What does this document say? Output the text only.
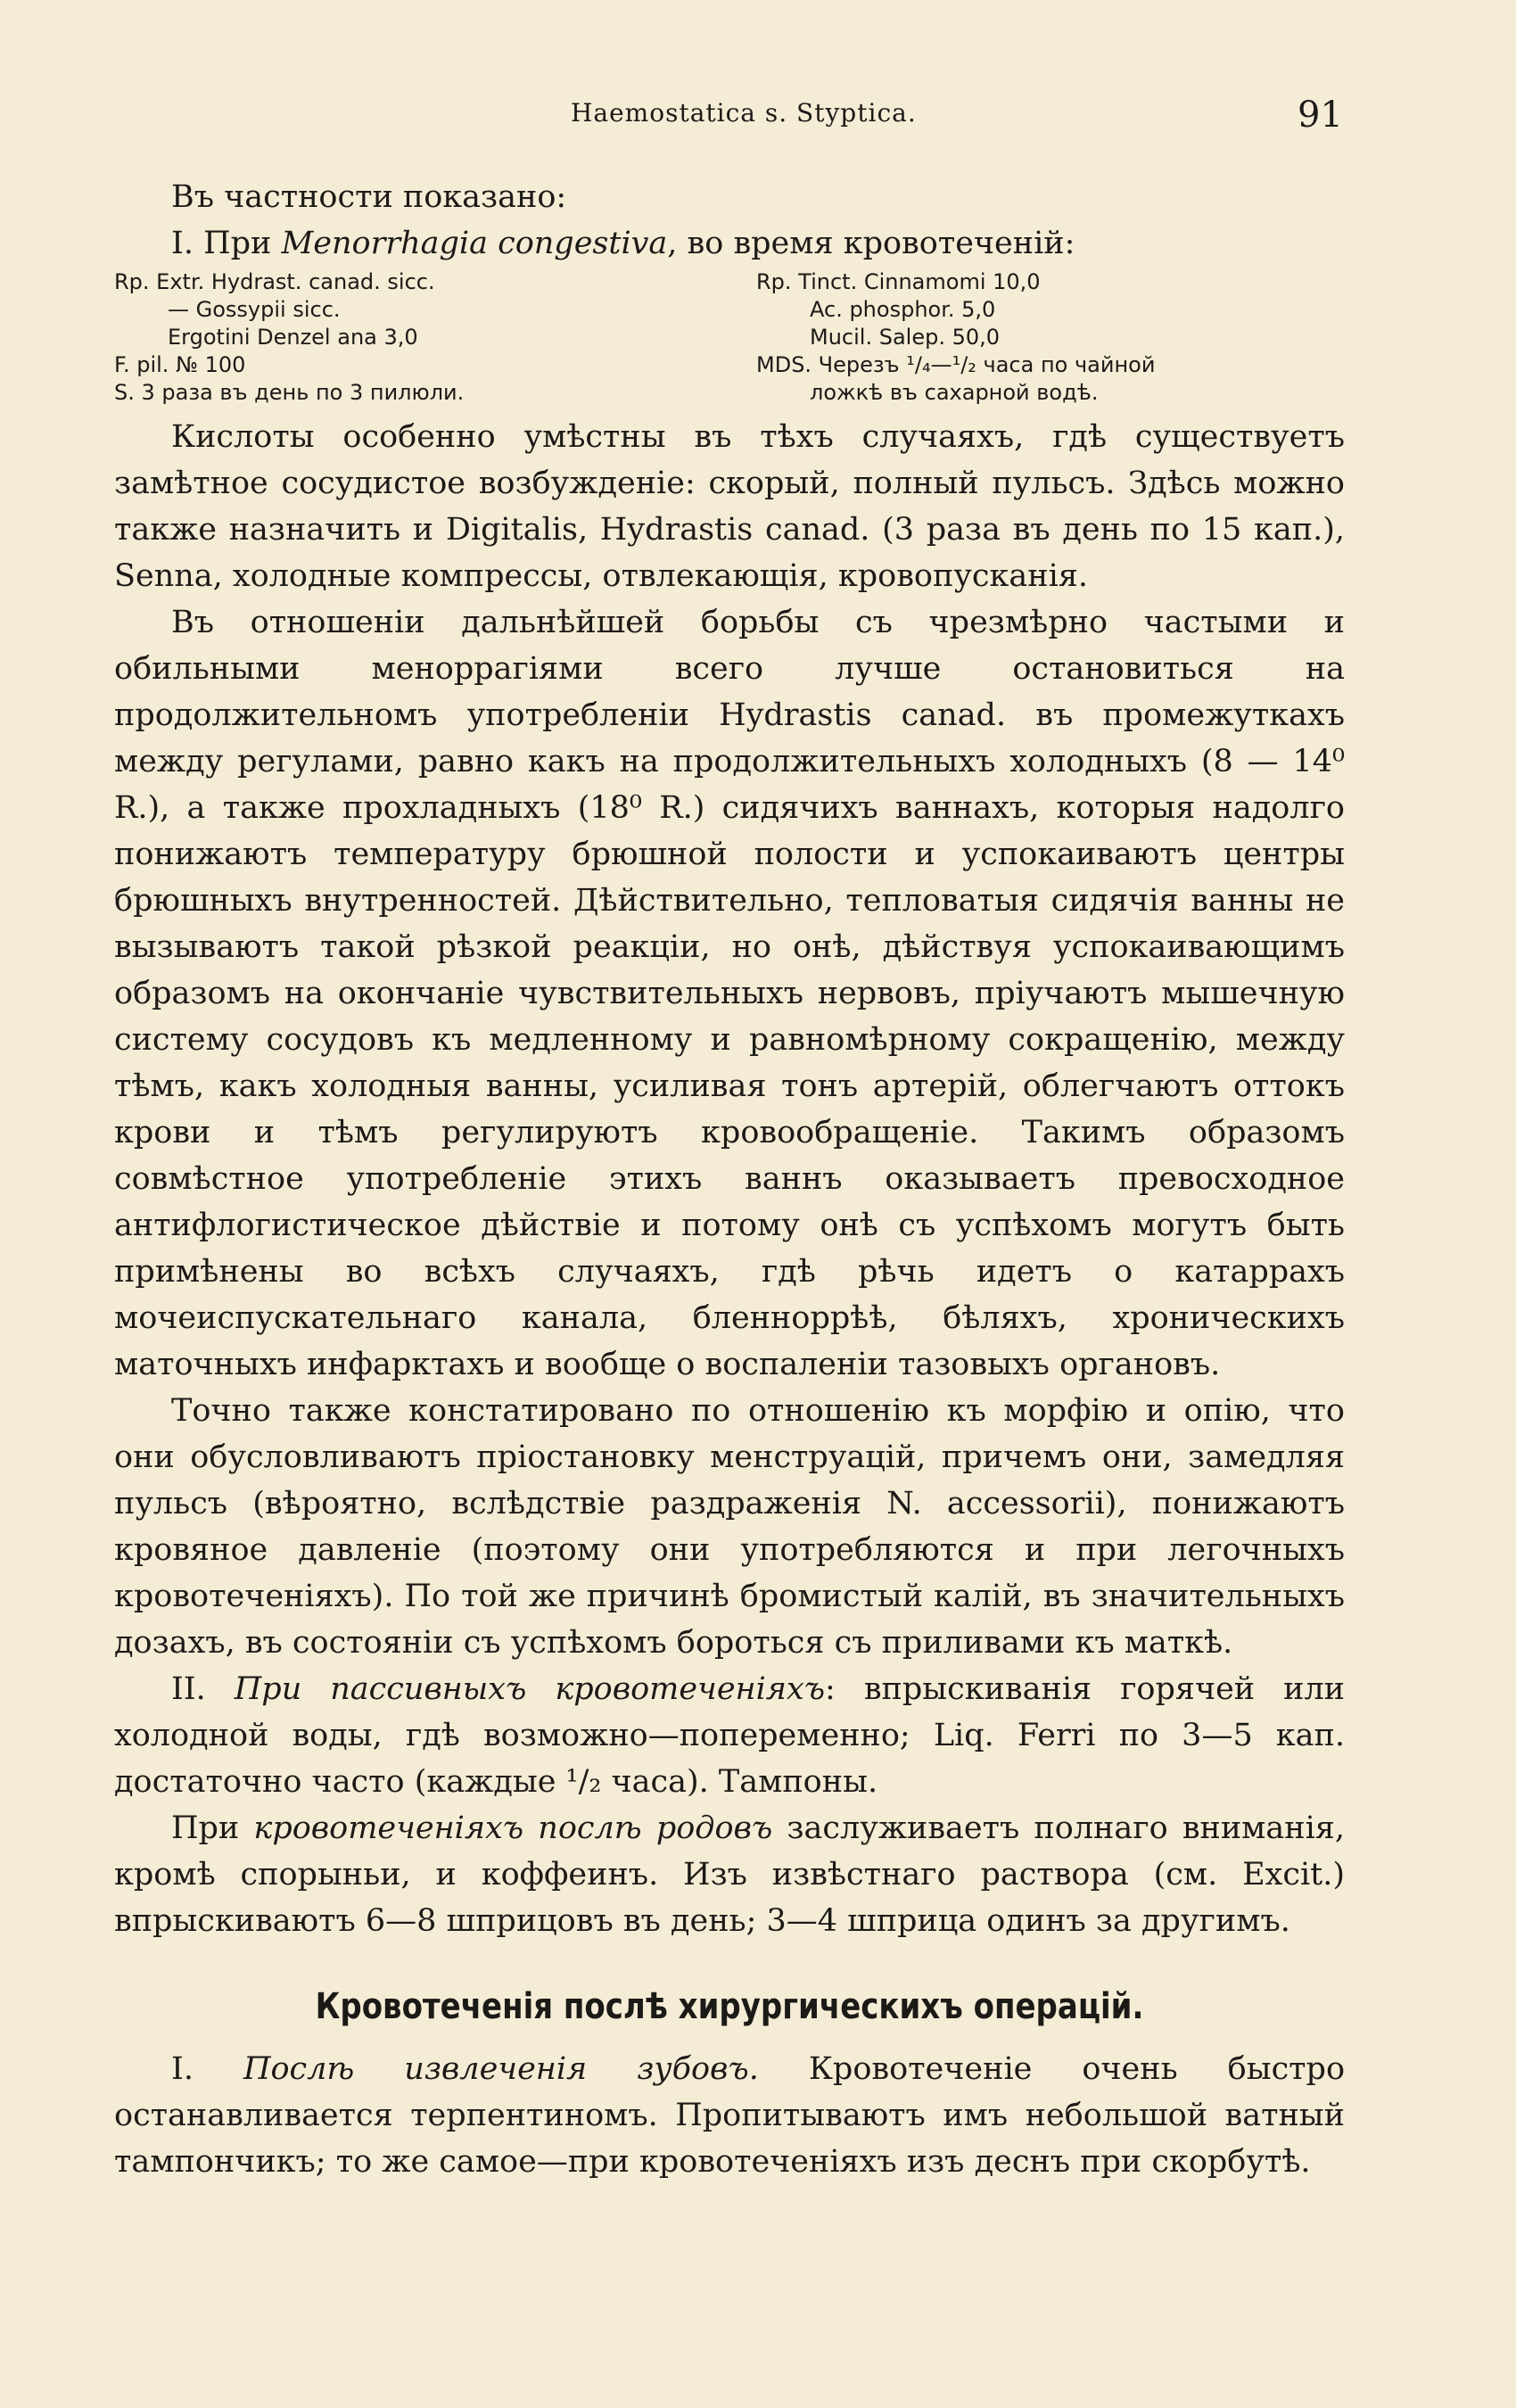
Haemostatica s. Styptica.	91

Въ частности показано:

I. При Menorrhagia congestiva, во время кровотеченій:

Rp. Extr. Hydrast. canad. sicc.
— Gossypii sicc.
Ergotini Denzel ana 3,0
F. pil. № 100
S. 3 раза въ день по 3 пилюли.
Rp. Tinct. Cinnamomi 10,0
Ac. phosphor. 5,0
Mucil. Salep. 50,0
MDS. Черезъ ¹/₄—¹/₂ часа по чайной
ложкѣ въ сахарной водѣ.

Кислоты особенно умѣстны въ тѣхъ случаяхъ, гдѣ существуетъ замѣтное сосудистое возбужденіе: скорый, полный пульсъ. Здѣсь можно также назначить и Digitalis, Hydrastis canad. (3 раза въ день по 15 кап.), Senna, холодные компрессы, отвлекающія, кровопусканія.

Въ отношеніи дальнѣйшей борьбы съ чрезмѣрно частыми и обильными меноррагіями всего лучше остановиться на продолжительномъ употребленіи Hydrastis canad. въ промежуткахъ между регулами, равно какъ на продолжительныхъ холодныхъ (8 — 14⁰ R.), а также прохладныхъ (18⁰ R.) сидячихъ ваннахъ, которыя надолго понижаютъ температуру брюшной полости и успокаиваютъ центры брюшныхъ внутренностей. Дѣйствительно, тепловатыя сидячія ванны не вызываютъ такой рѣзкой реакціи, но онѣ, дѣйствуя успокаивающимъ образомъ на окончаніе чувствительныхъ нервовъ, пріучаютъ мышечную систему сосудовъ къ медленному и равномѣрному сокращенію, между тѣмъ, какъ холодныя ванны, усиливая тонъ артерій, облегчаютъ оттокъ крови и тѣмъ регулируютъ кровообращеніе. Такимъ образомъ совмѣстное употребленіе этихъ ваннъ оказываетъ превосходное антифлогистическое дѣйствіе и потому онѣ съ успѣхомъ могутъ быть примѣнены во всѣхъ случаяхъ, гдѣ рѣчь идетъ о катаррахъ мочеиспускательнаго канала, бленноррѣѣ, бѣляхъ, хроническихъ маточныхъ инфарктахъ и вообще о воспаленіи тазовыхъ органовъ.

Точно также констатировано по отношенію къ морфію и опію, что они обусловливаютъ пріостановку менструацій, причемъ они, замедляя пульсъ (вѣроятно, вслѣдствіе раздраженія N. accessorii), понижаютъ кровяное давленіе (поэтому они употребляются и при легочныхъ кровотеченіяхъ). По той же причинѣ бромистый калій, въ значительныхъ дозахъ, въ состояніи съ успѣхомъ бороться съ приливами къ маткѣ.

II. При пассивныхъ кровотеченіяхъ: впрыскиванія горячей или холодной воды, гдѣ возможно—попеременно; Liq. Ferri по 3—5 кап. достаточно часто (каждые ¹/₂ часа). Тампоны.

При кровотеченіяхъ послѣ родовъ заслуживаетъ полнаго вниманія, кромѣ спорыньи, и коффеинъ. Изъ извѣстнаго раствора (см. Excit.) впрыскиваютъ 6—8 шприцовъ въ день; 3—4 шприца одинъ за другимъ.

Кровотеченія послѣ хирургическихъ операцій.

I. Послѣ извлеченія зубовъ. Кровотеченіе очень быстро останавливается терпентиномъ. Пропитываютъ имъ небольшой ватный тампончикъ; то же самое—при кровотеченіяхъ изъ деснъ при скорбутѣ.
